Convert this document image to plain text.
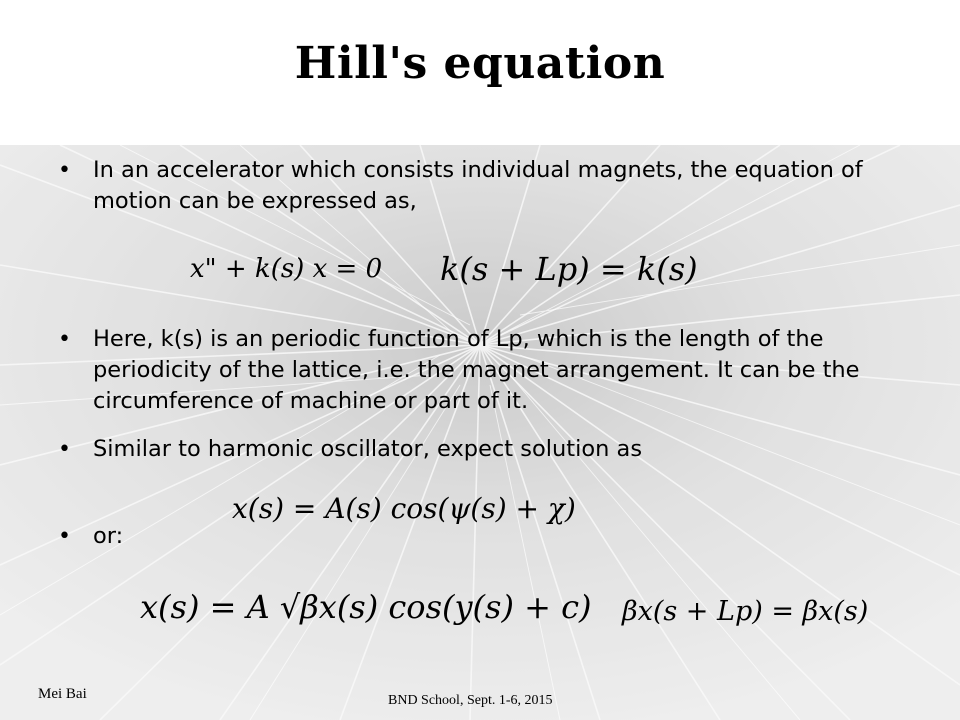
Hill's equation
• In an accelerator which consists individual magnets, the equation of motion can be expressed as,
x" + k(s) x = 0 k(s + Lp) = k(s)
• Here, k(s) is an periodic function of Lp, which is the length of the periodicity of the lattice, i.e. the magnet arrangement. It can be the circumference of machine or part of it.
• Similar to harmonic oscillator, expect solution as
x(s) = A(s) cos(ψ(s) + χ)
• or:
x(s) = A √βx(s) cos(y(s) + c) βx(s + Lp) = βx(s)
Mei Bai	BND School, Sept. 1-6, 2015
